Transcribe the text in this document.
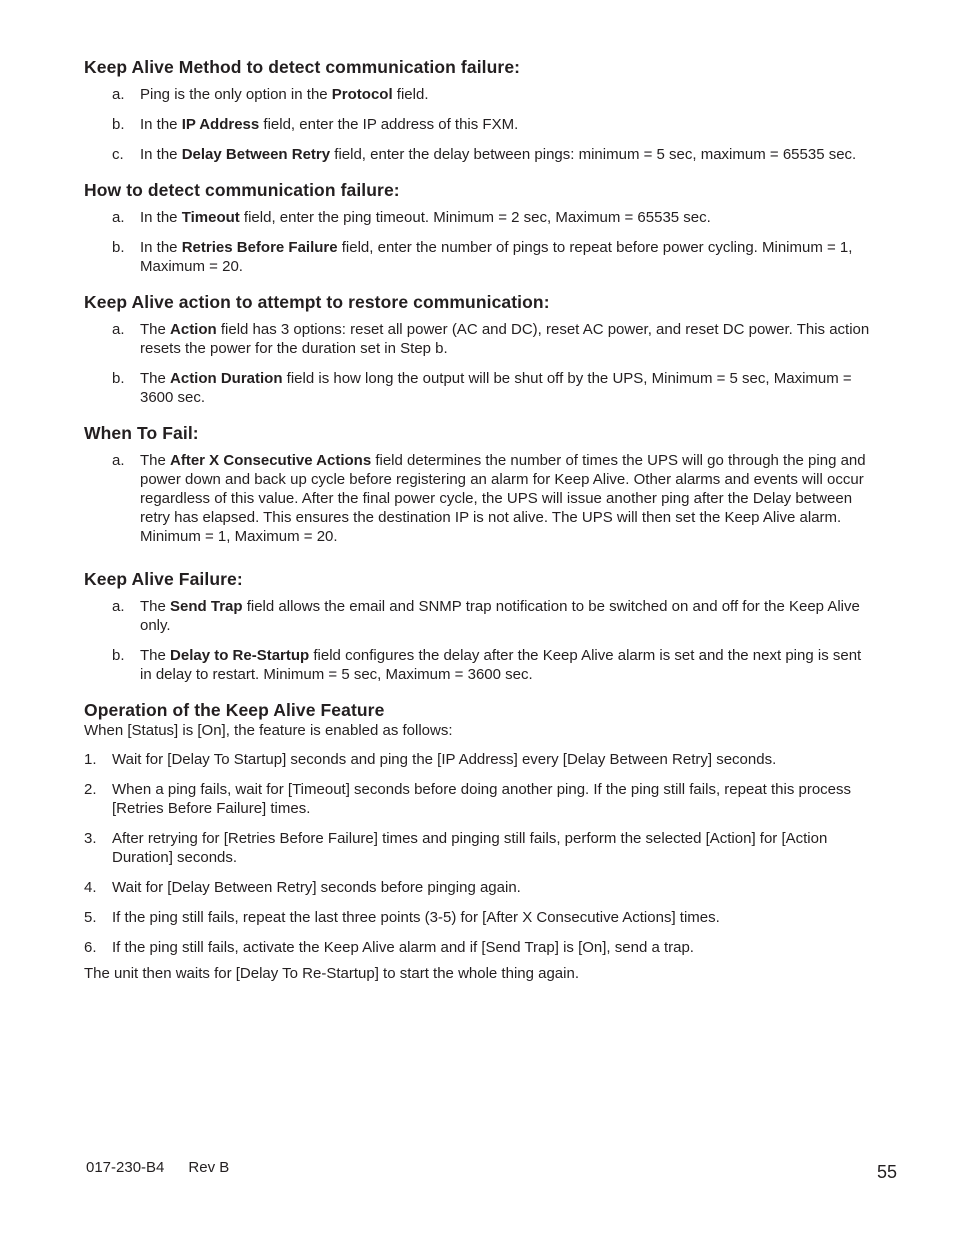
Keep Alive Method to detect communication failure:
a. Ping is the only option in the Protocol field.
b. In the IP Address field, enter the IP address of this FXM.
c. In the Delay Between Retry field, enter the delay between pings: minimum = 5 sec, maximum = 65535 sec.
How to detect communication failure:
a. In the Timeout field, enter the ping timeout. Minimum = 2 sec, Maximum = 65535 sec.
b. In the Retries Before Failure field, enter the number of pings to repeat before power cycling. Minimum = 1, Maximum = 20.
Keep Alive action to attempt to restore communication:
a. The Action field has 3 options: reset all power (AC and DC), reset AC power, and reset DC power. This action resets the power for the duration set in Step b.
b. The Action Duration field is how long the output will be shut off by the UPS, Minimum = 5 sec, Maximum = 3600 sec.
When To Fail:
a. The After X Consecutive Actions field determines the number of times the UPS will go through the ping and power down and back up cycle before registering an alarm for Keep Alive. Other alarms and events will occur regardless of this value. After the final power cycle, the UPS will issue another ping after the Delay between retry has elapsed. This ensures the destination IP is not alive. The UPS will then set the Keep Alive alarm. Minimum = 1, Maximum = 20.
Keep Alive Failure:
a. The Send Trap field allows the email and SNMP trap notification to be switched on and off for the Keep Alive only.
b. The Delay to Re-Startup field configures the delay after the Keep Alive alarm is set and the next ping is sent in delay to restart. Minimum = 5 sec, Maximum = 3600 sec.
Operation of the Keep Alive Feature

When [Status] is [On], the feature is enabled as follows:

1. Wait for [Delay To Startup] seconds and ping the [IP Address] every [Delay Between Retry] seconds.
2. When a ping fails, wait for [Timeout] seconds before doing another ping. If the ping still fails, repeat this process [Retries Before Failure] times.
3. After retrying for [Retries Before Failure] times and pinging still fails, perform the selected [Action] for [Action Duration] seconds.
4. Wait for [Delay Between Retry] seconds before pinging again.
5. If the ping still fails, repeat the last three points (3-5) for [After X Consecutive Actions] times.
6. If the ping still fails, activate the Keep Alive alarm and if [Send Trap] is [On], send a trap.

The unit then waits for [Delay To Re-Startup] to start the whole thing again.

017-230-B4 Rev B	55
